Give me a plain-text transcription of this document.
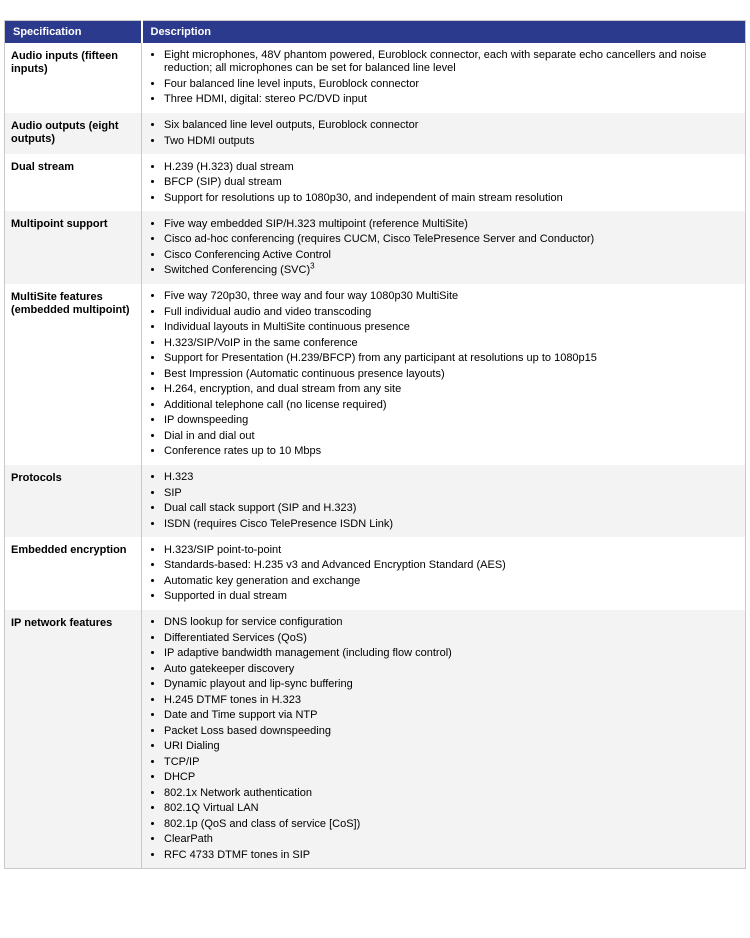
Specification	Description
Audio inputs (fifteen inputs)	
• Eight microphones, 48V phantom powered, Euroblock connector, each with separate echo cancellers and noise reduction; all microphones can be set for balanced line level
• Four balanced line level inputs, Euroblock connector
• Three HDMI, digital: stereo PC/DVD input

Audio outputs (eight outputs)	
• Six balanced line level outputs, Euroblock connector
• Two HDMI outputs

Dual stream	
•H.239 (H.323) dual stream
• BFCP (SIP) dual stream
• Support for resolutions up to 1080p30, and independent of main stream resolution

Multipoint support	
•Five way embedded SIP/H.323 multipoint (reference MultiSite)
• Cisco ad-hoc conferencing (requires CUCM, Cisco TelePresence Server and Conductor)
• Cisco Conferencing Active Control
• Switched Conferencing (SVC)$^3$

MultiSite features (embedded multipoint)	
• Five way 720p30, three way and four way 1080p30 MultiSite
• Full individual audio and video transcoding
• Individual layouts in MultiSite continuous presence
• H.323/SIP/VoIP in the same conference
• Support for Presentation (H.239/BFCP) from any participant at resolutions up to 1080p15
• Best Impression (Automatic continuous presence layouts)
• H.264, encryption, and dual stream from any site
• Additional telephone call (no license required)
• IP downspeeding
• Dial in and dial out
• Conference rates up to 10 Mbps

Protocols	
•H.323
• SIP
• Dual call stack support (SIP and H.323)
• ISDN (requires Cisco TelePresence ISDN Link)

Embedded encryption	
•H.323/SIP point-to-point
• Standards-based: H.235 v3 and Advanced Encryption Standard (AES)
• Automatic key generation and exchange
• Supported in dual stream

IP network features	
•DNS lookup for service configuration
• Differentiated Services (QoS)
• IP adaptive bandwidth management (including flow control)
• Auto gatekeeper discovery
• Dynamic playout and lip-sync buffering
• H.245 DTMF tones in H.323
• Date and Time support via NTP
• Packet Loss based downspeeding
• URI Dialing
• TCP/IP
• DHCP
• 802.1x Network authentication
• 802.1Q Virtual LAN
• 802.1p (QoS and class of service [CoS])
• ClearPath
• RFC 4733 DTMF tones in SIP
